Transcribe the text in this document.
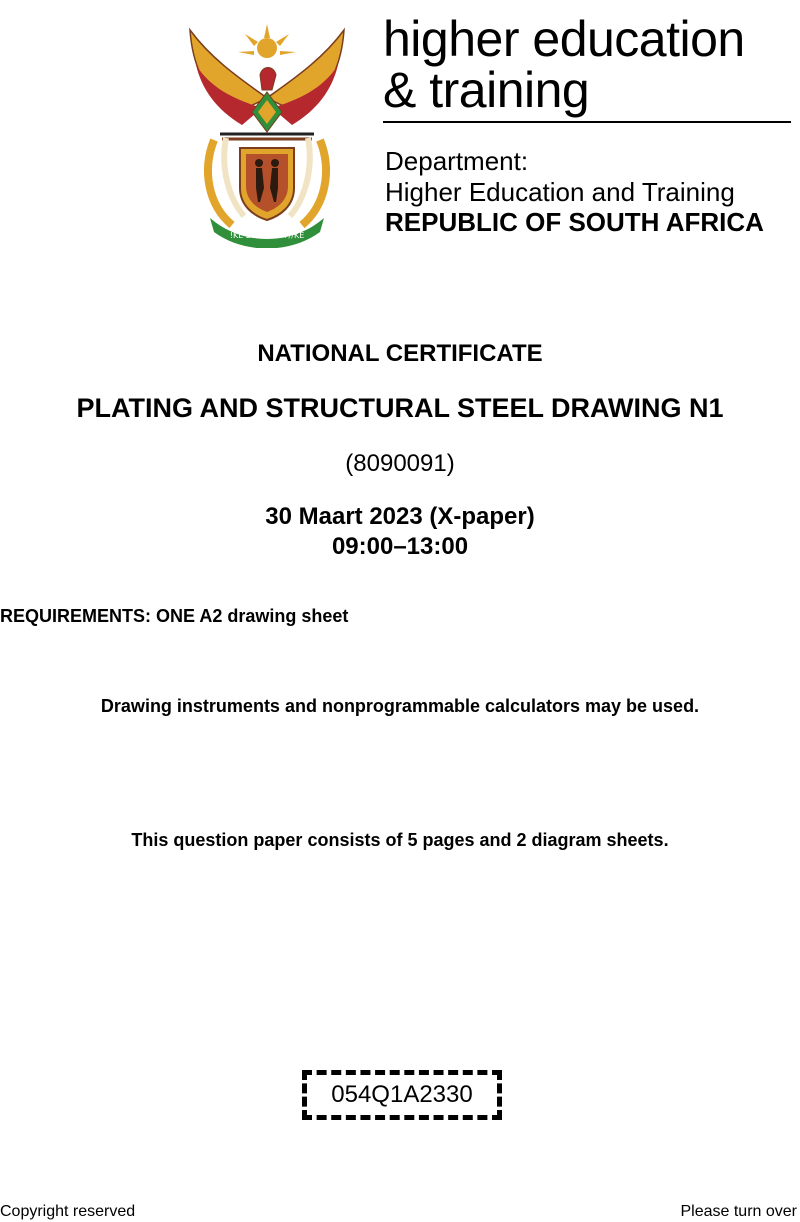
!KE E: /XARRA //KE
higher education
& training
Department:
Higher Education and Training
REPUBLIC OF SOUTH AFRICA
NATIONAL CERTIFICATE
PLATING AND STRUCTURAL STEEL DRAWING N1
(8090091)
30 Maart 2023 (X-paper)
09:00–13:00
REQUIREMENTS: ONE A2 drawing sheet
Drawing instruments and nonprogrammable calculators may be used.
This question paper consists of 5 pages and 2 diagram sheets.
054Q1A2330
Copyright reserved	Please turn over
